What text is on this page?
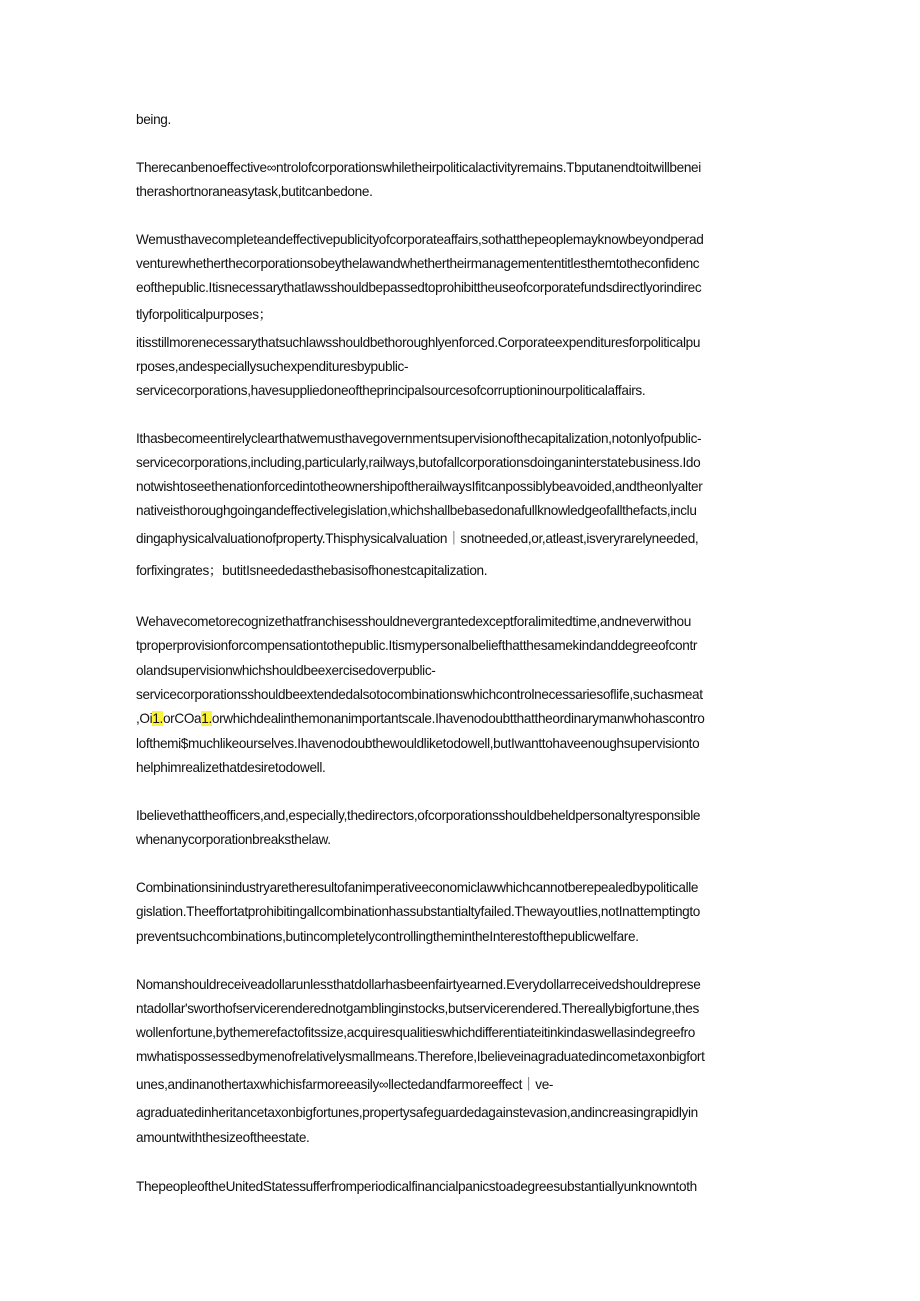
being.
Therecanbenoeffective∞ntrolofcorporationswhiletheirpoliticalactivityremains.Tbputanendtoitwillbenei
therashortnoraneasytask,butitcanbedone.
Wemusthavecompleteandeffectivepublicityofcorporateaffairs,sothatthepeoplemayknowbeyondperad
venturewhetherthecorporationsobeythelawandwhethertheirmanagemententitlesthemtotheconfidenc
eofthepublic.Itisnecessarythatlawsshouldbepassedtoprohibittheuseofcorporatefundsdirectlyorindirec
tlyforpoliticalpurposes；
itisstillmorenecessarythatsuchlawsshouldbethoroughlyenforced.Corporateexpendituresforpoliticalpu
rposes,andespeciallysuchexpendituresbypublic-
servicecorporations,havesuppliedoneoftheprincipalsourcesofcorruptioninourpoliticalaffairs.
Ithasbecomeentirelyclearthatwemusthavegovernmentsupervisionofthecapitalization,notonlyofpublic-
servicecorporations,including,particularly,railways,butofallcorporationsdoinganinterstatebusiness.Ido
notwishtoseethenationforcedintotheownershipoftherailwaysIfitcanpossiblybeavoided,andtheonlyalter
nativeisthoroughgoingandeffectivelegislation,whichshallbebasedonafullknowledgeofallthefacts,inclu
dingaphysicalvaluationofproperty.Thisphysicalvaluation｜snotneeded,or,atleast,isveryrarelyneeded,
forfixingrates；butitIsneededasthebasisofhonestcapitalization.
Wehavecometorecognizethatfranchisesshouldnevergrantedexceptforalimitedtime,andneverwithou
tproperprovisionforcompensationtothepublic.Itismypersonalbeliefthatthesamekindanddegreeofcontr
olandsupervisionwhichshouldbeexercisedoverpublic-
servicecorporationsshouldbeextendedalsotocombinationswhichcontrolnecessariesoflife,suchasmeat
,Oi1.orCOa1.orwhichdealinthemonanimportantscale.Ihavenodoubtthattheordinarymanwhohascontro
lofthemi$muchlikeourselves.Ihavenodoubthewouldliketodowell,butIwanttohaveenoughsupervisionto
helphimrealizethatdesiretodowell.
Ibelievethattheofficers,and,especially,thedirectors,ofcorporationsshouldbeheldpersonaltyresponsible
whenanycorporationbreaksthelaw.
Combinationsinindustryaretheresultofanimperativeeconomiclawwhichcannotberepealedbypoliticalle
gislation.Theeffortatprohibitingallcombinationhassubstantialtyfailed.ThewayoutIies,notInattemptingto
preventsuchcombinations,butincompletelycontrollingthemintheInterestofthepublicwelfare.
Nomanshouldreceiveadollarunlessthatdollarhasbeenfairtyearned.Everydollarreceivedshouldreprese
ntadollar'sworthofservicerenderednotgamblinginstocks,butservicerendered.Thereallybigfortune,thes
wollenfortune,bythemerefactofitssize,acquiresqualitieswhichdifferentiateitinkindaswellasindegreefro
mwhatispossessedbymenofrelativelysmallmeans.Therefore,Ibelieveinagraduatedincometaxonbigfort
unes,andinanothertaxwhichisfarmoreeasily∞llectedandfarmoreeffect｜ve-
agraduatedinheritancetaxonbigfortunes,propertysafeguardedagainstevasion,andincreasingrapidlyin
amountwiththesizeoftheestate.
ThepeopleoftheUnitedStatessufferfromperiodicalfinancialpanicstoadegreesubstantiallyunknowntoth
